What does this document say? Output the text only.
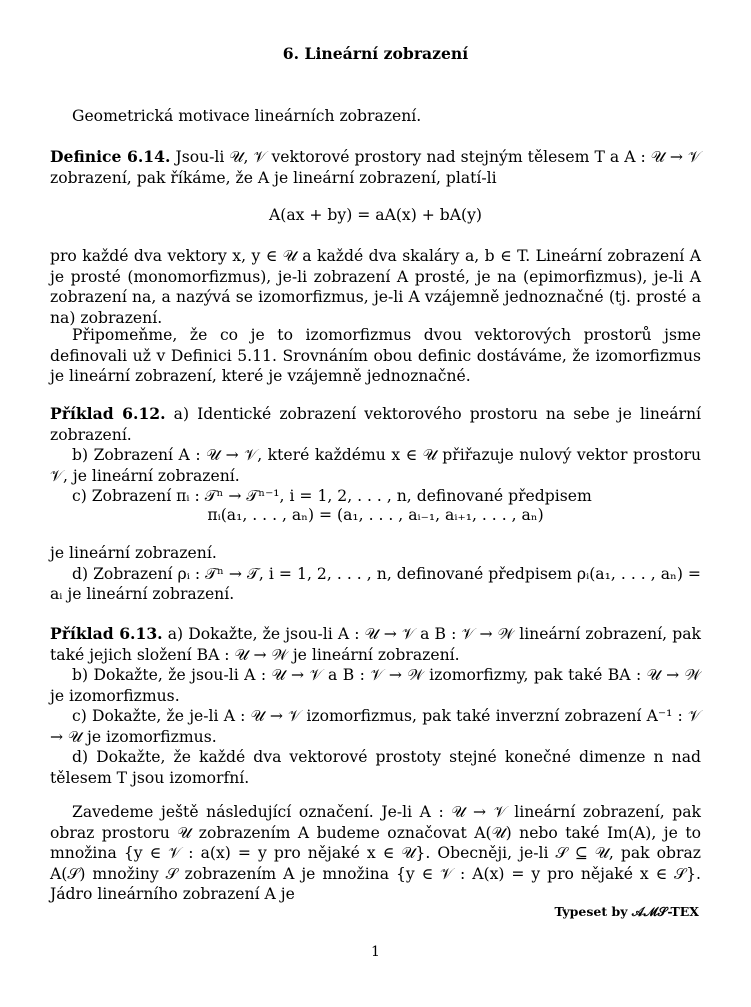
6. Lineární zobrazení
Geometrická motivace lineárních zobrazení.

Definice 6.14. Jsou-li 𝒰, 𝒱 vektorové prostory nad stejným tělesem T a A : 𝒰 → 𝒱 zobrazení, pak říkáme, že A je lineární zobrazení, platí-li

A(ax + by) = aA(x) + bA(y)
pro každé dva vektory x, y ∈ 𝒰 a každé dva skaláry a, b ∈ T. Lineární zobrazení A je prosté (monomorfizmus), je-li zobrazení A prosté, je na (epimorfizmus), je-li A zobrazení na, a nazývá se izomorfizmus, je-li A vzájemně jednoznačné (tj. prosté a na) zobrazení.
Připomeňme, že co je to izomorfizmus dvou vektorových prostorů jsme definovali už v Definici 5.11. Srovnáním obou definic dostáváme, že izomorfizmus je lineární zobrazení, které je vzájemně jednoznačné.

Příklad 6.12. a) Identické zobrazení vektorového prostoru na sebe je lineární zobrazení.

b) Zobrazení A : 𝒰 → 𝒱, které každému x ∈ 𝒰 přiřazuje nulový vektor prostoru 𝒱, je lineární zobrazení.

c) Zobrazení πᵢ : 𝒯ⁿ → 𝒯ⁿ⁻¹, i = 1, 2, . . . , n, definované předpisem

πᵢ(a₁, . . . , aₙ) = (a₁, . . . , aᵢ₋₁, aᵢ₊₁, . . . , aₙ)

je lineární zobrazení.

d) Zobrazení ρᵢ : 𝒯ⁿ → 𝒯, i = 1, 2, . . . , n, definované předpisem ρᵢ(a₁, . . . , aₙ) = aᵢ je lineární zobrazení.

Příklad 6.13. a) Dokažte, že jsou-li A : 𝒰 → 𝒱 a B : 𝒱 → 𝒲 lineární zobrazení, pak také jejich složení BA : 𝒰 → 𝒲 je lineární zobrazení.

b) Dokažte, že jsou-li A : 𝒰 → 𝒱 a B : 𝒱 → 𝒲 izomorfizmy, pak také BA : 𝒰 → 𝒲 je izomorfizmus.

c) Dokažte, že je-li A : 𝒰 → 𝒱 izomorfizmus, pak také inverzní zobrazení A⁻¹ : 𝒱 → 𝒰 je izomorfizmus.

d) Dokažte, že každé dva vektorové prostoty stejné konečné dimenze n nad tělesem T jsou izomorfní.

Zavedeme ještě následující označení. Je-li A : 𝒰 → 𝒱 lineární zobrazení, pak obraz prostoru 𝒰 zobrazením A budeme označovat A(𝒰) nebo také Im(A), je to množina {y ∈ 𝒱 : a(x) = y pro nějaké x ∈ 𝒰}. Obecněji, je-li 𝒮 ⊆ 𝒰, pak obraz A(𝒮) množiny 𝒮 zobrazením A je množina {y ∈ 𝒱 : A(x) = y pro nějaké x ∈ 𝒮}. Jádro lineárního zobrazení A je
Typeset by 𝒜ℳ𝒮-TEX
1
